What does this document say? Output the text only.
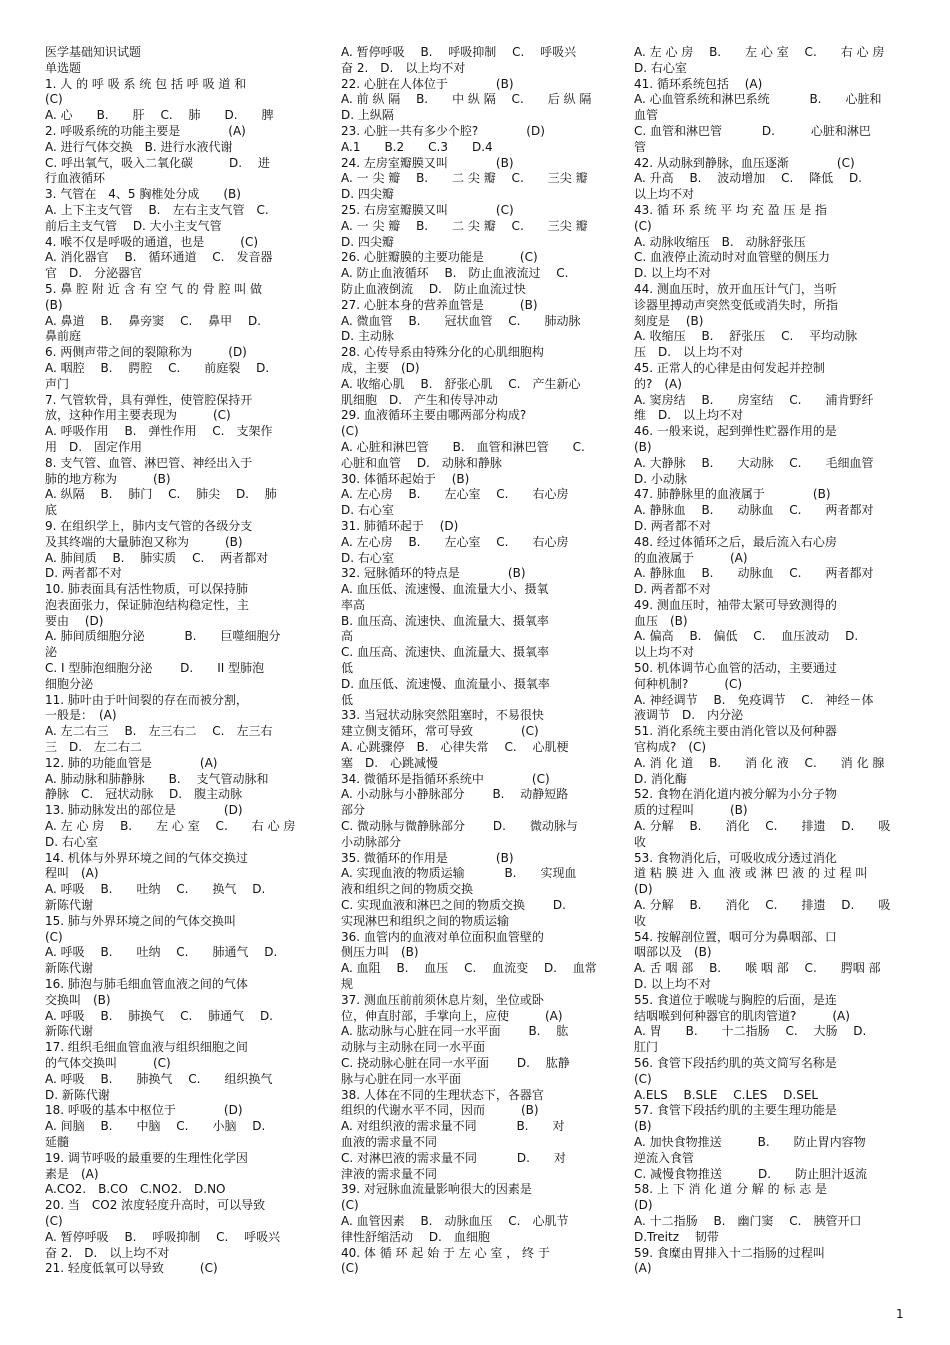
医学基础知识试题
单选题
1. 人 的 呼 吸 系 统 包 括 呼 吸 道 和
(C)
A. 心　　B.　　肝　 C.　 肺　　D.　　脾
2. 呼吸系统的功能主要是　　　　(A)
A. 进行气体交换　B. 进行水液代谢
C. 呼出氧气，吸入二氧化碳　　　D.　 进
行血液循环
3. 气管在　4、5 胸椎处分成　　(B)
A. 上下主支气管　 B.　左右主支气管　C.
前后主支气管　 D. 大小主支气管
4. 喉不仅是呼吸的通道，也是　　　(C)
A. 消化器官　 B.　循环通道　 C.　发音器
官　D.　分泌器官
5. 鼻 腔 附 近 含 有 空 气 的 骨 腔 叫 做
(B)
A. 鼻道　 B.　 鼻旁窦　 C.　 鼻甲　 D.
鼻前庭
6. 两侧声带之间的裂隙称为　　　(D)
A. 咽腔　 B.　 腭腔　 C.　　前庭裂　 D.
声门
7. 气管软骨，具有弹性，使管腔保持开
放，这种作用主要表现为　　　(C)
A. 呼吸作用　 B.　弹性作用　 C.　支架作
用　D.　固定作用
8. 支气管、血管、淋巴管、神经出入于
肺的地方称为　　　(B)
A. 纵隔　 B.　 肺门　 C.　 肺尖　 D.　 肺
底
9. 在组织学上，肺内支气管的各级分支
及其终端的大量肺泡又称为　　　(B)
A. 肺间质　 B.　 肺实质　 C.　 两者都对
D. 两者都不对
10. 肺表面具有活性物质，可以保持肺
泡表面张力，保证肺泡结构稳定性，主
要由　 (D)
A. 肺间质细胞分泌　　　 B.　　巨噬细胞分
泌
C. I 型肺泡细胞分泌　　 D.　　II 型肺泡
细胞分泌
11. 肺叶由于叶间裂的存在而被分割，
一般是：　(A)
A. 左二右三　 B.　左三右二　 C.　左三右
三　D.　左二右二
12. 肺的功能血管是　　　　(A)
A. 肺动脉和肺静脉　　B.　 支气管动脉和
静脉　C.　冠状动脉　 D.　腹主动脉
13. 肺动脉发出的部位是　　　　(D)
A. 左 心 房　 B.　　左 心 室　 C.　　右 心 房
D. 右心室
14. 机体与外界环境之间的气体交换过
程叫　(A)
A. 呼吸　 B.　　吐纳　 C.　　换气　 D.
新陈代谢
15. 肺与外界环境之间的气体交换叫
(C)
A. 呼吸　 B.　　吐纳　 C.　　肺通气　 D.
新陈代谢
16. 肺泡与肺毛细血管血液之间的气体
交换叫　(B)
A. 呼吸　 B.　 肺换气　 C.　 肺通气　 D.
新陈代谢
17. 组织毛细血管血液与组织细胞之间
的气体交换叫　　　(C)
A. 呼吸　 B.　　肺换气　 C.　　组织换气
D. 新陈代谢
18. 呼吸的基本中枢位于　　　　(D)
A. 间脑　 B.　　中脑　 C.　　小脑　 D.
延髓
19. 调节呼吸的最重要的生理性化学因
素是　(A)
A.CO2.　B.CO　C.NO2.　D.NO
20. 当　CO2 浓度轻度升高时，可以导致
(C)
A. 暂停呼吸　 B.　 呼吸抑制　 C.　 呼吸兴
奋 2.　D.　以上均不对
21. 轻度低氧可以导致　　　(C)
A. 暂停呼吸　 B.　 呼吸抑制　 C.　 呼吸兴
奋 2.　D.　以上均不对
22. 心脏在人体位于　　　　(B)
A. 前 纵 隔　 B.　　中 纵 隔　 C.　　后 纵 隔
D. 上纵隔
23. 心脏一共有多少个腔?　　　　(D)
A.1　　B.2　　C.3　　D.4
24. 左房室瓣膜又叫　　　　(B)
A. 一 尖 瓣　 B.　　二 尖 瓣　 C.　　三尖 瓣
D. 四尖瓣
25. 右房室瓣膜又叫　　　　(C)
A. 一 尖 瓣　 B.　　二 尖 瓣　 C.　　三尖 瓣
D. 四尖瓣
26. 心脏瓣膜的主要功能是　　　(C)
A. 防止血液循环　 B.　防止血液流过　 C.
防止血液倒流　 D.　防止血流过快
27. 心脏本身的营养血管是　　　(B)
A. 微血管　 B.　　冠状血管　 C.　　肺动脉
D. 主动脉
28. 心传导系由特殊分化的心肌细胞构
成，主要　(D)
A. 收缩心肌　 B.　舒张心肌　 C.　产生新心
肌细胞　D.　产生和传导冲动
29. 血液循环主要由哪两部分构成?
(C)
A. 心脏和淋巴管　　B.　血管和淋巴管　　C.
心脏和血管　 D.　动脉和静脉
30. 体循环起始于　 (B)
A. 左心房　 B.　　左心室　 C.　　右心房
D. 右心室
31. 肺循环起于　 (D)
A. 左心房　 B.　　左心室　 C.　　右心房
D. 右心室
32. 冠脉循环的特点是　　　　(B)
A. 血压低、流速慢、血流量大小、摄氧
率高
B. 血压高、流速快、血流量大、摄氧率
高
C. 血压高、流速快、血流量大、摄氧率
低
D. 血压低、流速慢、血流量小、摄氧率
低
33. 当冠状动脉突然阻塞时，不易很快
建立侧支循环，常可导致　　　　(C)
A. 心跳骤停　B.　心律失常　 C.　 心肌梗
塞　D.　心跳减慢
34. 微循环是指循环系统中　　　　(C)
A. 小动脉与小静脉部分　　 B.　 动静短路
部分
C. 微动脉与微静脉部分　　 D.　　微动脉与
小动脉部分
35. 微循环的作用是　　　　(B)
A. 实现血液的物质运输　　　 B.　　实现血
液和组织之间的物质交换
C. 实现血液和淋巴之间的物质交换　　 D.
实现淋巴和组织之间的物质运输
36. 血管内的血液对单位面积血管壁的
侧压力叫　(B)
A. 血阻　 B.　 血压　 C.　 血流变　 D.　 血常
规
37. 测血压前前须休息片刻，坐位或卧
位，伸直肘部，手掌向上，应使　　　(A)
A. 肱动脉与心脏在同一水平面　　 B.　 肱
动脉与主动脉在同一水平面
C. 挠动脉心脏在同一水平面　　 D.　 肱静
脉与心脏在同一水平面
38. 人体在不同的生理状态下，各器官
组织的代谢水平不同，因而　　　(B)
A. 对组织液的需求量不同　　　 B.　　对
血液的需求量不同
C. 对淋巴液的需求量不同　　　 D.　　对
津液的需求量不同
39. 对冠脉血流量影响很大的因素是
(C)
A. 血管因素　 B.　动脉血压　 C.　心肌节
律性舒缩活动　 D.　血细胞
40. 体 循 环 起 始 于 左 心 室 ， 终 于
(C)
A. 左 心 房　 B.　　左 心 室　 C.　　右 心 房
D. 右心室
41. 循环系统包括　 (A)
A. 心血管系统和淋巴系统　　　 B.　　心脏和
血管
C. 血管和淋巴管　　　 D.　　　心脏和淋巴
管
42. 从动脉到静脉，血压逐渐　　　　(C)
A. 升高　 B.　 波动增加　 C.　 降低　 D.
以上均不对
43. 循 环 系 统 平 均 充 盈 压 是 指
(C)
A. 动脉收缩压　B.　动脉舒张压
C. 血液停止流动时对血管壁的侧压力
D. 以上均不对
44. 测血压时，放开血压计气门，当听
诊器里搏动声突然变低或消失时，所指
刻度是　 (B)
A. 收缩压　 B.　 舒张压　 C.　 平均动脉
压　D.　以上均不对
45. 正常人的心律是由何发起并控制
的?　(A)
A. 窦房结　 B.　　房室结　 C.　　浦肯野纤
维　D.　以上均不对
46. 一般来说，起到弹性贮器作用的是
(B)
A. 大静脉　 B.　　大动脉　 C.　　毛细血管
D. 小动脉
47. 肺静脉里的血液属于　　　　(B)
A. 静脉血　 B.　　动脉血　 C.　　两者都对
D. 两者都不对
48. 经过体循环之后，最后流入右心房
的血液属于　　　(A)
A. 静脉血　 B.　　动脉血　 C.　　两者都对
D. 两者都不对
49. 测血压时，袖带太紧可导致测得的
血压　(B)
A. 偏高　 B.　偏低　 C.　 血压波动　 D.
以上均不对
50. 机体调节心血管的活动，主要通过
何种机制?　　　(C)
A. 神经调节　 B.　免疫调节　 C.　神经－体
液调节　D.　内分泌
51. 消化系统主要由消化管以及何种器
官构成?　(C)
A. 消 化 道　 B.　　消 化 液　 C.　　消 化 腺
D. 消化酶
52. 食物在消化道内被分解为小分子物
质的过程叫　　　(B)
A. 分解　 B.　　消化　 C.　　排遗　 D.　　吸
收
53. 食物消化后，可吸收成分透过消化
道 粘 膜 进 入 血 液 或 淋 巴 液 的 过 程 叫
(D)
A. 分解　 B.　　消化　 C.　　排遗　 D.　　吸
收
54. 按解剖位置，咽可分为鼻咽部、口
咽部以及　(B)
A. 舌 咽 部　 B.　　喉 咽 部　 C.　　腭咽 部
D. 以上均不对
55. 食道位于喉咙与胸腔的后面，是连
结咽喉到何种器官的肌肉管道?　　　(A)
A. 胃　　B.　　十二指肠　 C.　 大肠　 D.
肛门
56. 食管下段括约肌的英文简写名称是
(C)
A.ELS　 B.SLE　 C.LES　 D.SEL
57. 食管下段括约肌的主要生理功能是
(B)
A. 加快食物推送　　　B.　　防止胃内容物
逆流入食管
C. 减慢食物推送　　　D.　　防止胆汁返流
58. 上 下 消 化 道 分 解 的 标 志 是
(D)
A. 十二指肠　 B.　幽门窦　 C.　胰管开口
D.Treitz　 韧带
59. 食糜由胃排入十二指肠的过程叫
(A)
1
